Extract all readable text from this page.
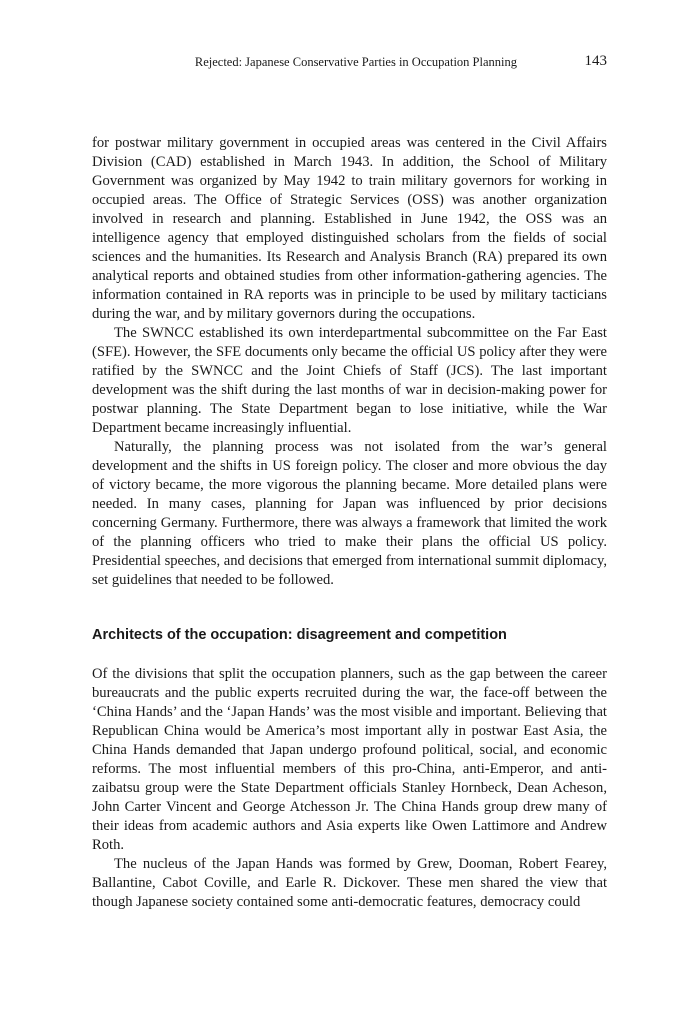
Rejected: Japanese Conservative Parties in Occupation Planning	143

for postwar military government in occupied areas was centered in the Civil Affairs Division (CAD) established in March 1943. In addition, the School of Military Government was organized by May 1942 to train military governors for working in occupied areas. The Office of Strategic Services (OSS) was another organization involved in research and planning. Established in June 1942, the OSS was an intelligence agency that employed distinguished scholars from the fields of social sciences and the humanities. Its Research and Analysis Branch (RA) prepared its own analytical reports and obtained studies from other information-gathering agencies. The information contained in RA reports was in principle to be used by military tacticians during the war, and by military governors during the occupations.

The SWNCC established its own interdepartmental subcommittee on the Far East (SFE). However, the SFE documents only became the official US policy after they were ratified by the SWNCC and the Joint Chiefs of Staff (JCS). The last important development was the shift during the last months of war in decision-making power for postwar planning. The State Department began to lose initiative, while the War Department became increasingly influential.

Naturally, the planning process was not isolated from the war’s general development and the shifts in US foreign policy. The closer and more obvious the day of victory became, the more vigorous the planning became. More detailed plans were needed. In many cases, planning for Japan was influenced by prior decisions concerning Germany. Furthermore, there was always a framework that limited the work of the planning officers who tried to make their plans the official US policy. Presidential speeches, and decisions that emerged from international summit diplomacy, set guidelines that needed to be followed.

Architects of the occupation: disagreement and competition

Of the divisions that split the occupation planners, such as the gap between the career bureaucrats and the public experts recruited during the war, the face-off between the ‘China Hands’ and the ‘Japan Hands’ was the most visible and important. Believing that Republican China would be America’s most important ally in postwar East Asia, the China Hands demanded that Japan undergo profound political, social, and economic reforms. The most influential members of this pro-China, anti-Emperor, and anti-zaibatsu group were the State Department officials Stanley Hornbeck, Dean Acheson, John Carter Vincent and George Atchesson Jr. The China Hands group drew many of their ideas from academic authors and Asia experts like Owen Lattimore and Andrew Roth.

The nucleus of the Japan Hands was formed by Grew, Dooman, Robert Fearey, Ballantine, Cabot Coville, and Earle R. Dickover. These men shared the view that though Japanese society contained some anti-democratic features, democracy could
